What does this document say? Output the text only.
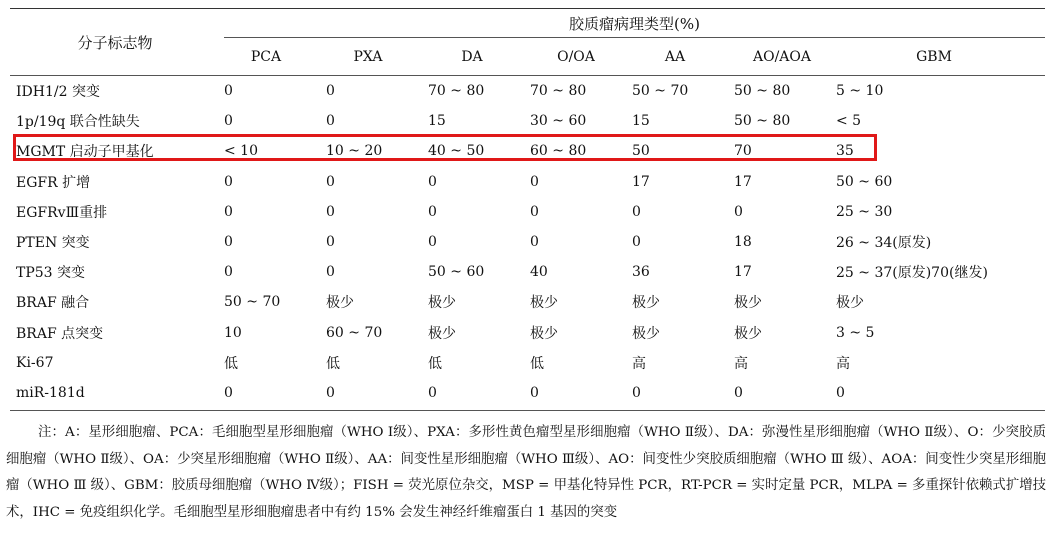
分子标志物
胶质瘤病理类型(%)
PCA	PXA	DA	O/OA	AA	AO/AOA	GBM
IDH1/2 突变	0	0	70 ~ 80	70 ~ 80	50 ~ 70	50 ~ 80	5 ~ 10
1p/19q 联合性缺失	0	0	15	30 ~ 60	15	50 ~ 80	< 5
MGMT 启动子甲基化	< 10	10 ~ 20	40 ~ 50	60 ~ 80	50	70	35
EGFR 扩增	0	0	0	0	17	17	50 ~ 60
EGFRvⅢ重排	0	0	0	0	0	0	25 ~ 30
PTEN 突变	0	0	0	0	0	18	26 ~ 34(原发)
TP53 突变	0	0	50 ~ 60	40	36	17	25 ~ 37(原发)70(继发)
BRAF 融合	50 ~ 70	极少	极少	极少	极少	极少	极少
BRAF 点突变	10	60 ~ 70	极少	极少	极少	极少	3 ~ 5
Ki-67	低	低	低	低	高	高	高
miR-181d	0	0	0	0	0	0	0

注：A：星形细胞瘤、PCA：毛细胞型星形细胞瘤（WHO Ⅰ级）、PXA：多形性黄色瘤型星形细胞瘤（WHO Ⅱ级）、DA：弥漫性星形细胞瘤（WHO Ⅱ级）、O：少突胶质细胞瘤（WHO Ⅱ级）、OA：少突星形细胞瘤（WHO Ⅱ级）、AA：间变性星形细胞瘤（WHO Ⅲ级）、AO：间变性少突胶质细胞瘤（WHO Ⅲ 级）、AOA：间变性少突星形细胞瘤（WHO Ⅲ 级）、GBM：胶质母细胞瘤（WHO Ⅳ级）；FISH = 荧光原位杂交，MSP = 甲基化特异性 PCR，RT-PCR = 实时定量 PCR，MLPA = 多重探针依赖式扩增技术，IHC = 免疫组织化学。毛细胞型星形细胞瘤患者中有约 15% 会发生神经纤维瘤蛋白 1 基因的突变
